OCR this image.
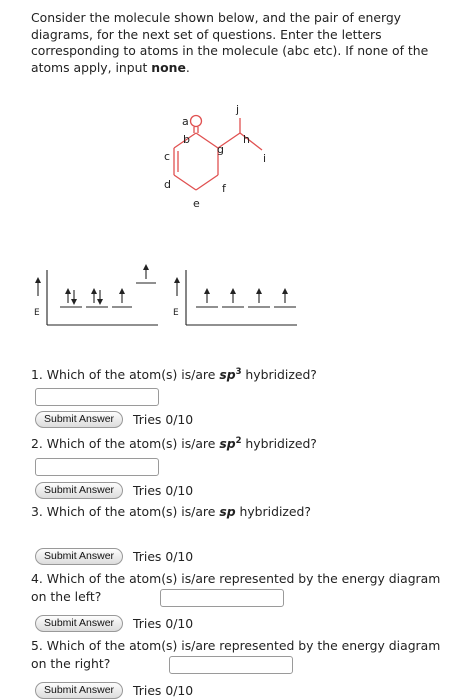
Consider the molecule shown below, and the pair of energy diagrams, for the next set of questions. Enter the letters corresponding to atoms in the molecule (abc etc). If none of the atoms apply, input none.
a
b
c
d
e
f
g
h
i
j
E	E
1. Which of the atom(s) is/are $sp^3$ hybridized?
Submit Answer	Tries 0/10
2. Which of the atom(s) is/are $sp^2$ hybridized?
Submit Answer	Tries 0/10
3. Which of the atom(s) is/are sp hybridized?
Submit Answer	Tries 0/10
4. Which of the atom(s) is/are represented by the energy diagram on the left?
Submit Answer	Tries 0/10
5. Which of the atom(s) is/are represented by the energy diagram on the right?
Submit Answer	Tries 0/10
